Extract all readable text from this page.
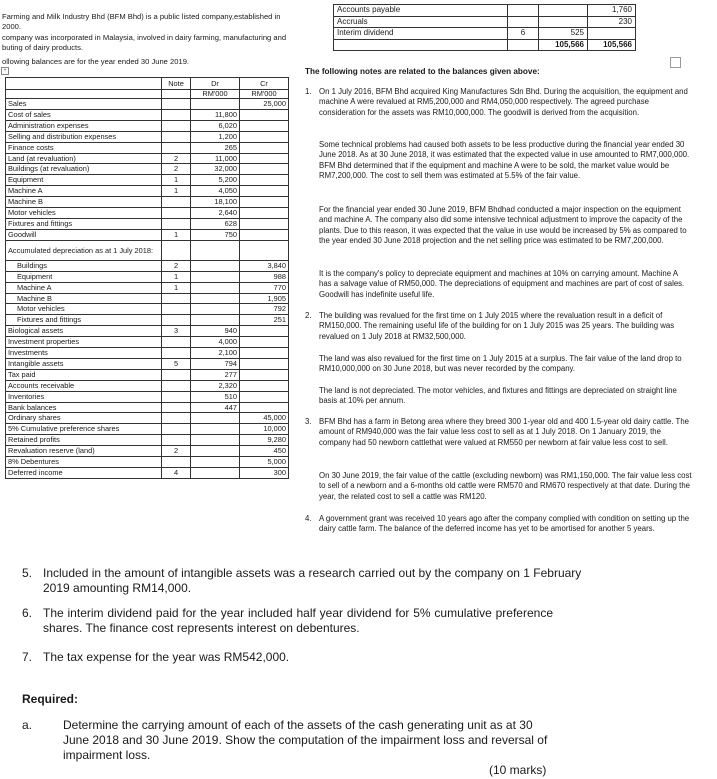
Farming and Milk Industry Bhd (BFM Bhd) is a public listed company,established in 2000.
company was incorporated in Malaysia, involved in dairy farming, manufacturing and
buting of dairy products.
ollowing balances are for the year ended 30 June 2019.
+
	Note	Dr	Cr
		RM'000	RM'000
Sales			25,000
Cost of sales		11,800	
Administration expenses		6,020	
Selling and distribution expenses		1,200	
Finance costs		265	
Land (at revaluation)	2	11,000	
Buildings (at revaluation)	2	32,000	
Equipment	1	5,200	
Machine A	1	4,050	
Machine B		18,100	
Motor vehicles		2,640	
Fixtures and fittings		628	
Goodwill	1	750	
Accumulated depreciation as at 1 July 2018:			
Buildings	2		3,840
Equipment	1		988
Machine A	1		770
Machine B			1,905
Motor vehicles			792
Fixtures and fittings			251
Biological assets	3	940	
Investment properties		4,000	
Investments		2,100	
Intangible assets	5	794	
Tax paid		277	
Accounts receivable		2,320	
Inventories		510	
Bank balances		447	
Ordinary shares			45,000
5% Cumulative preference shares			10,000
Retained profits			9,280
Revaluation reserve (land)	2		450
8% Debentures			5,000
Deferred income	4		300
Accounts payable			1,760
Accruals			230
Interim dividend	6	525	
		105,566	105,566
The following notes are related to the balances given above:
1. On 1 July 2016, BFM Bhd acquired King Manufactures Sdn Bhd. During the acquisition, the equipment and machine A were revalued at RM5,200,000 and RM4,050,000 respectively. The agreed purchase consideration for the assets was RM10,000,000. The goodwill is derived from the acquisition.
Some technical problems had caused both assets to be less productive during the financial year ended 30 June 2018. As at 30 June 2018, it was estimated that the expected value in use amounted to RM7,000,000. BFM Bhd determined that if the equipment and machine A were to be sold, the market value would be RM7,200,000. The cost to sell them was estimated at 5.5% of the fair value.
For the financial year ended 30 June 2019, BFM Bhdhad conducted a major inspection on the equipment and machine A. The company also did some intensive technical adjustment to improve the capacity of the plants. Due to this reason, it was expected that the value in use would be increased by 5% as compared to the year ended 30 June 2018 projection and the net selling price was estimated to be RM7,200,000.
It is the company's policy to depreciate equipment and machines at 10% on carrying amount. Machine A has a salvage value of RM50,000. The depreciations of equipment and machines are part of cost of sales. Goodwill has indefinite useful life.
2. The building was revalued for the first time on 1 July 2015 where the revaluation result in a deficit of RM150,000. The remaining useful life of the building for on 1 July 2015 was 25 years. The building was revalued on 1 July 2018 at RM32,500,000.
The land was also revalued for the first time on 1 July 2015 at a surplus. The fair value of the land drop to RM10,000,000 on 30 June 2018, but was never recorded by the company.
The land is not depreciated. The motor vehicles, and fixtures and fittings are depreciated on straight line basis at 10% per annum.
3. BFM Bhd has a farm in Betong area where they breed 300 1-year old and 400 1.5-year old dairy cattle. The amount of RM940,000 was the fair value less cost to sell as at 1 July 2018. On 1 January 2019, the company had 50 newborn cattlethat were valued at RM550 per newborn at fair value less cost to sell.
On 30 June 2019, the fair value of the cattle (excluding newborn) was RM1,150,000. The fair value less cost to sell of a newborn and a 6-months old cattle were RM570 and RM670 respectively at that date. During the year, the related cost to sell a cattle was RM120.
4. A government grant was received 10 years ago after the company complied with condition on setting up the dairy cattle farm. The balance of the deferred income has yet to be amortised for another 5 years.
5. Included in the amount of intangible assets was a research carried out by the company on 1 February 2019 amounting RM14,000.
6. The interim dividend paid for the year included half year dividend for 5% cumulative preference shares. The finance cost represents interest on debentures.
7. The tax expense for the year was RM542,000.
Required:
a.	Determine the carrying amount of each of the assets of the cash generating unit as at 30 June 2018 and 30 June 2019. Show the computation of the impairment loss and reversal of impairment loss.
(10 marks)
